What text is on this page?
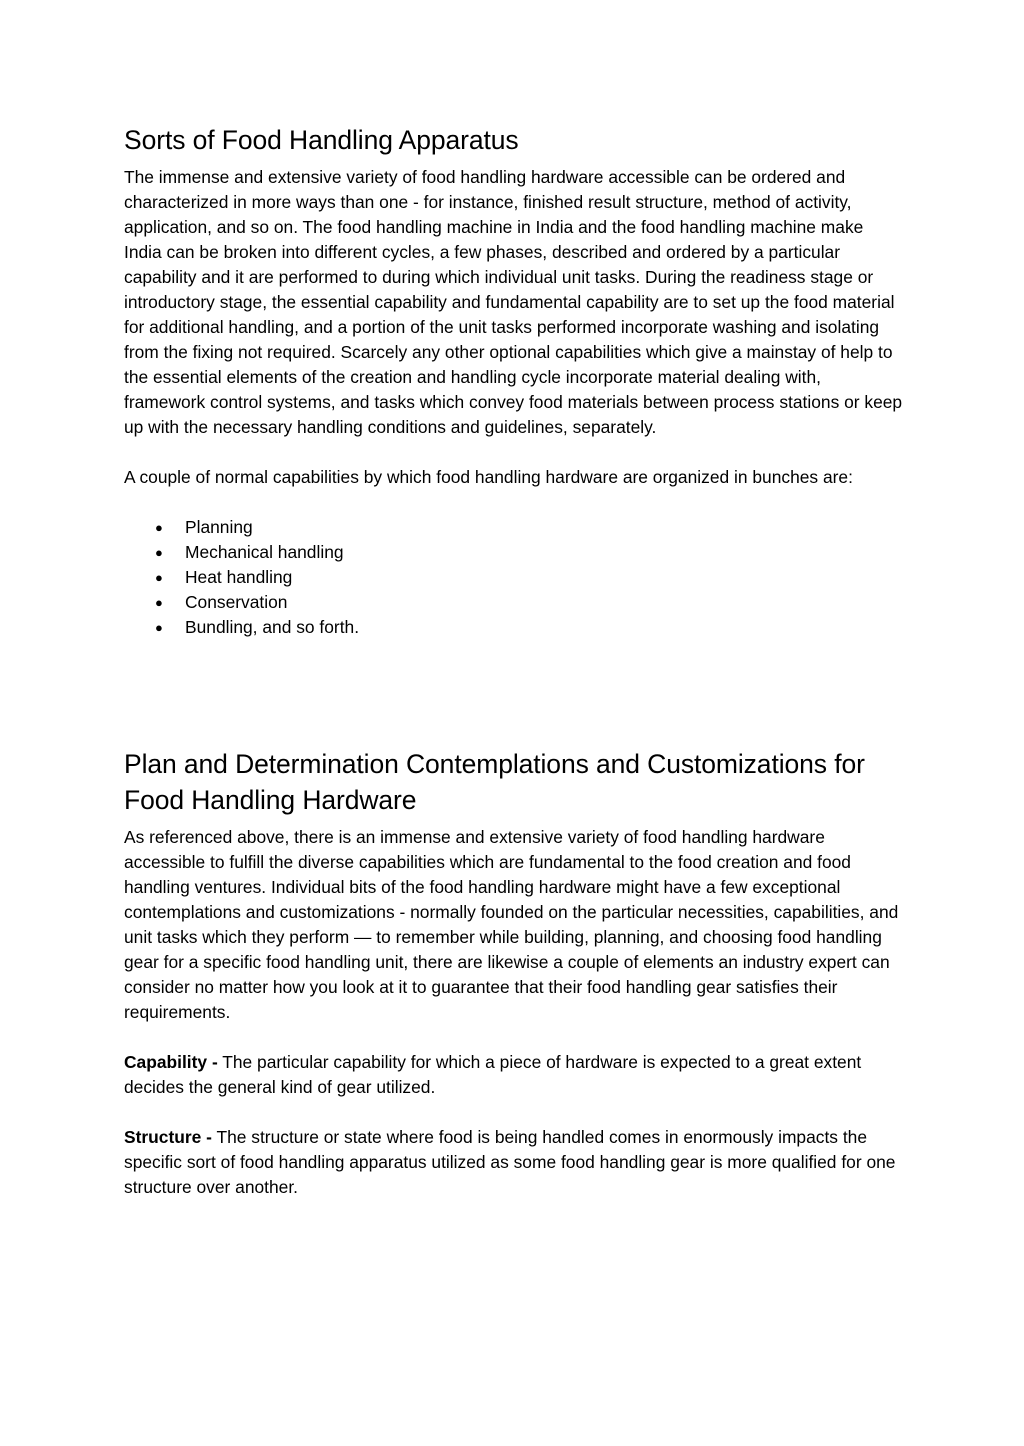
Sorts of Food Handling Apparatus

The immense and extensive variety of food handling hardware accessible can be ordered and characterized in more ways than one - for instance, finished result structure, method of activity, application, and so on. The food handling machine in India and the food handling machine make India can be broken into different cycles, a few phases, described and ordered by a particular capability and it are performed to during which individual unit tasks. During the readiness stage or introductory stage, the essential capability and fundamental capability are to set up the food material for additional handling, and a portion of the unit tasks performed incorporate washing and isolating from the fixing not required. Scarcely any other optional capabilities which give a mainstay of help to the essential elements of the creation and handling cycle incorporate material dealing with, framework control systems, and tasks which convey food materials between process stations or keep up with the necessary handling conditions and guidelines, separately.

A couple of normal capabilities by which food handling hardware are organized in bunches are:

● Planning
● Mechanical handling
● Heat handling
● Conservation
● Bundling, and so forth.
Plan and Determination Contemplations and Customizations for Food Handling Hardware

As referenced above, there is an immense and extensive variety of food handling hardware accessible to fulfill the diverse capabilities which are fundamental to the food creation and food handling ventures. Individual bits of the food handling hardware might have a few exceptional contemplations and customizations - normally founded on the particular necessities, capabilities, and unit tasks which they perform — to remember while building, planning, and choosing food handling gear for a specific food handling unit, there are likewise a couple of elements an industry expert can consider no matter how you look at it to guarantee that their food handling gear satisfies their requirements.

Capability - The particular capability for which a piece of hardware is expected to a great extent decides the general kind of gear utilized.

Structure - The structure or state where food is being handled comes in enormously impacts the specific sort of food handling apparatus utilized as some food handling gear is more qualified for one structure over another.
